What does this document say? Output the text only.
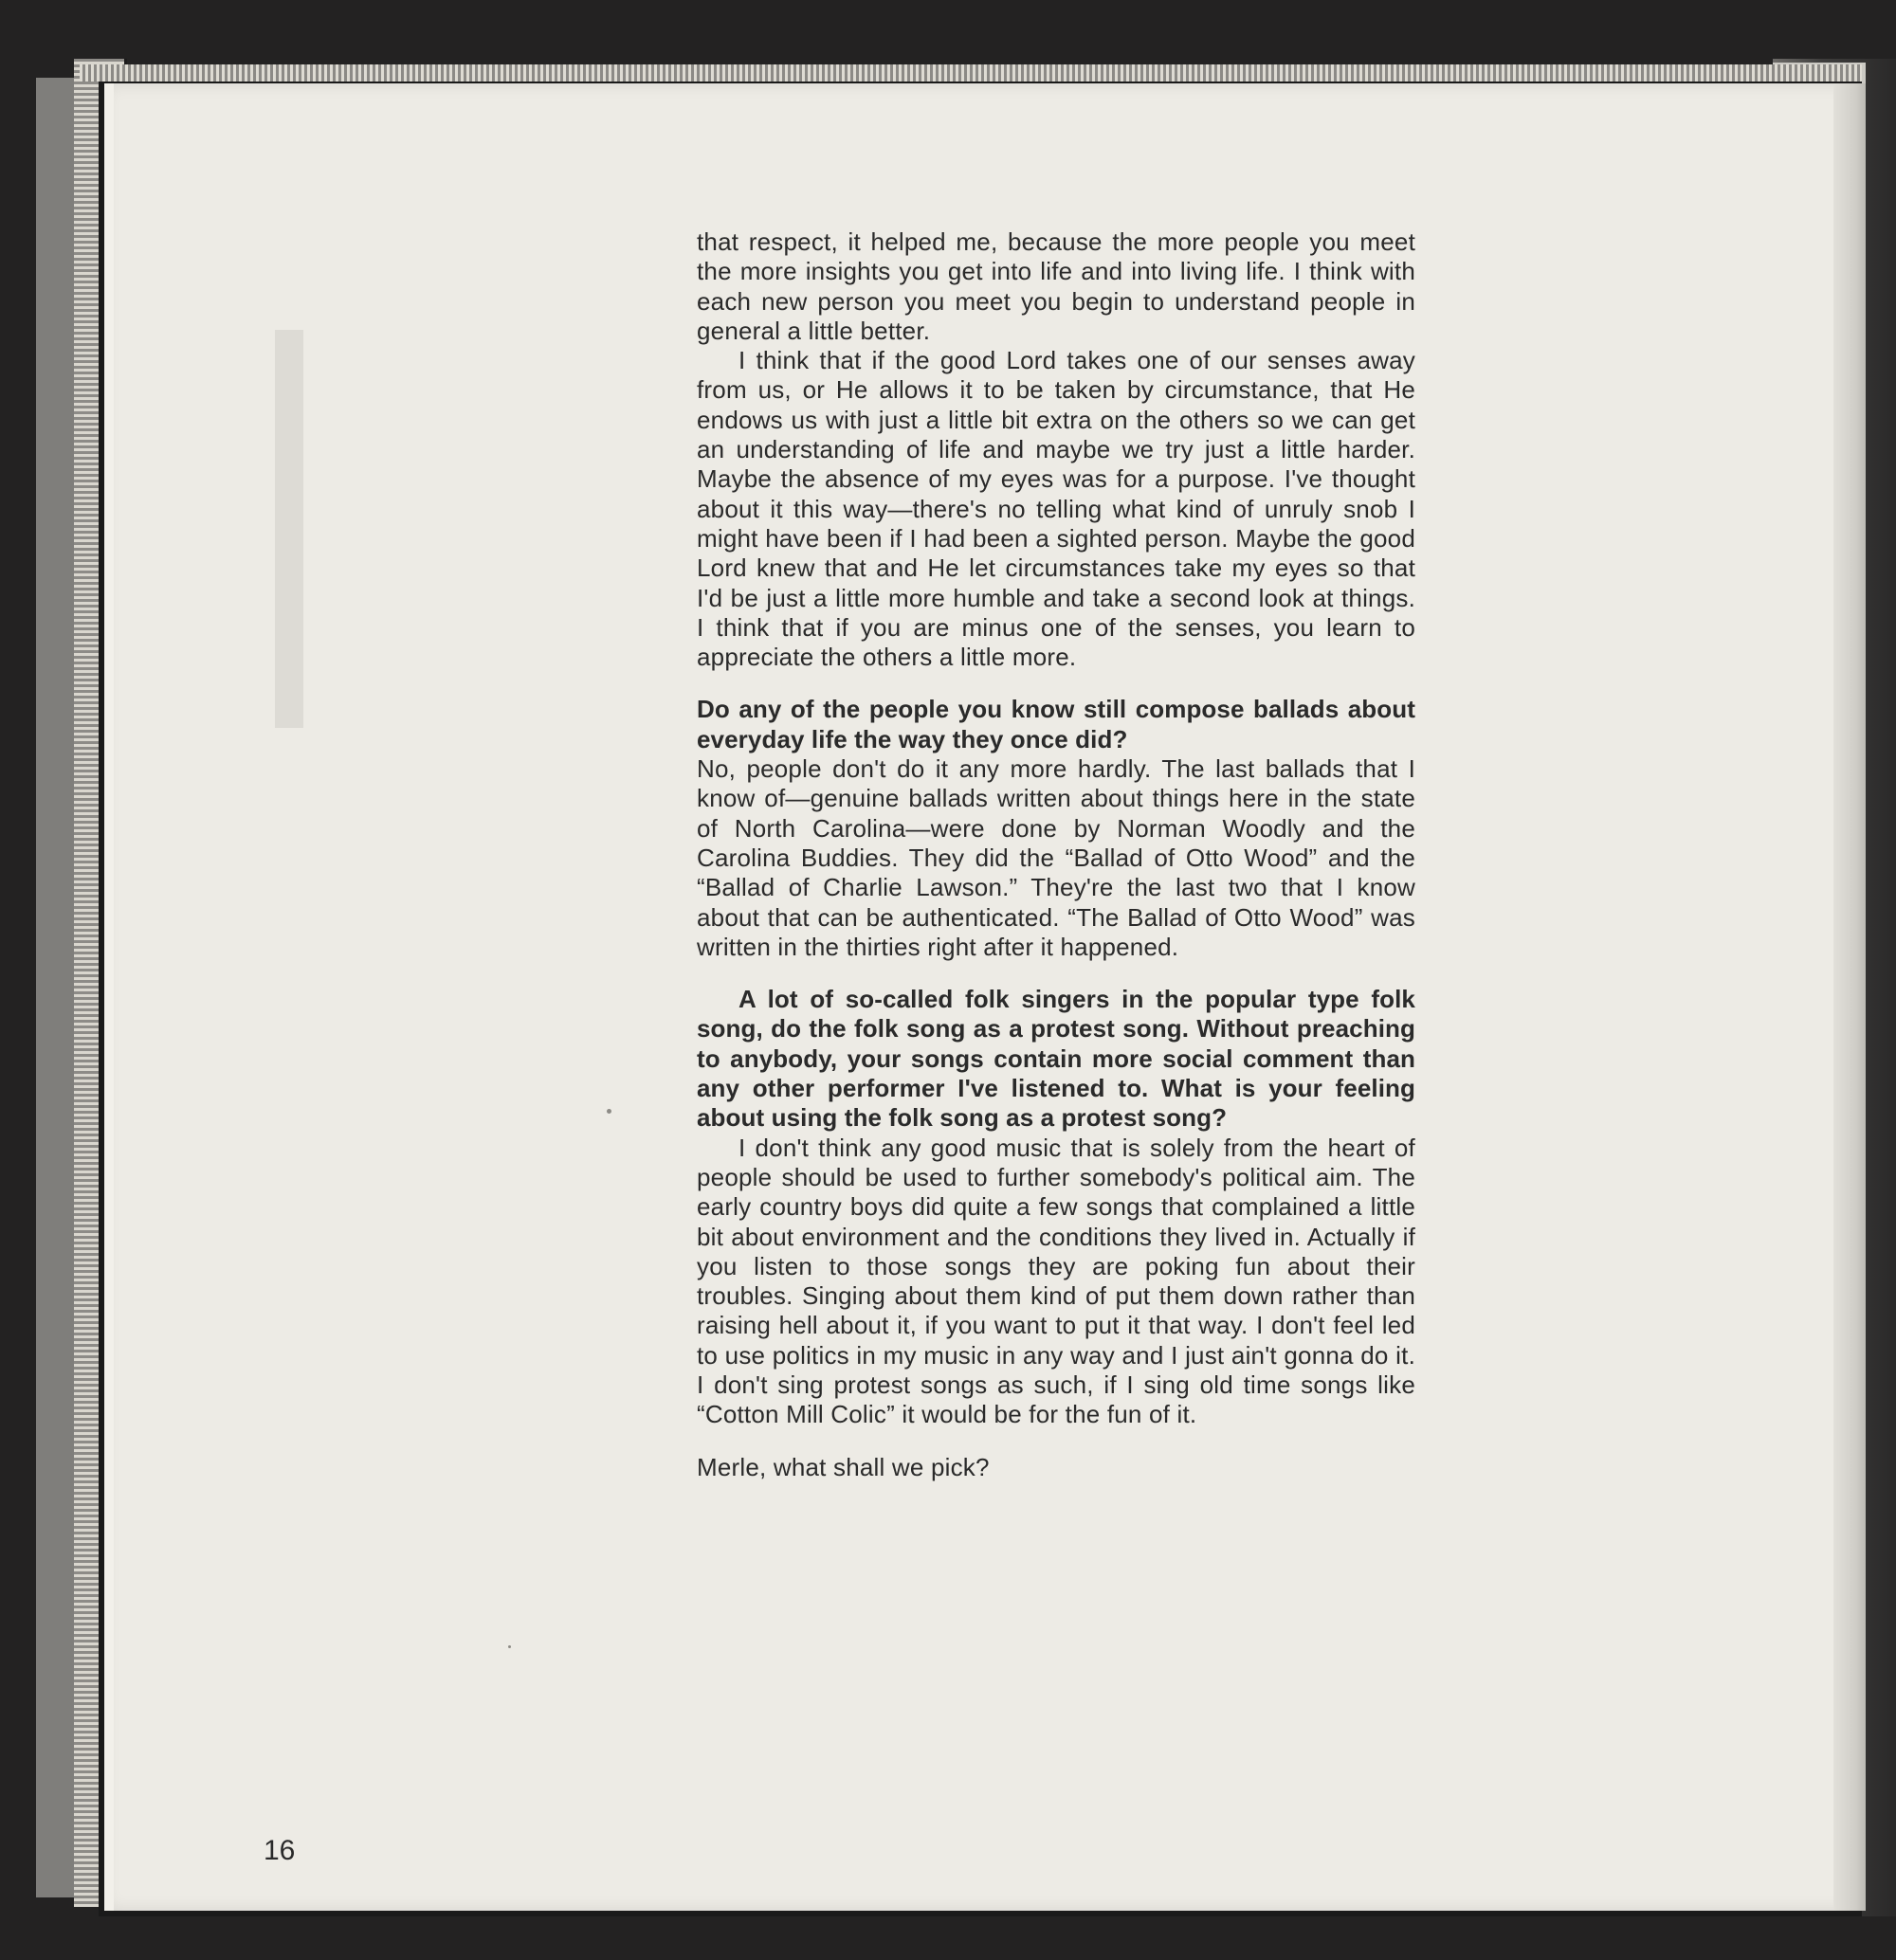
that respect, it helped me, because the more people you meet the more insights you get into life and into living life. I think with each new person you meet you begin to understand people in general a little better.

I think that if the good Lord takes one of our senses away from us, or He allows it to be taken by circumstance, that He endows us with just a little bit extra on the others so we can get an understanding of life and maybe we try just a little harder. Maybe the absence of my eyes was for a purpose. I've thought about it this way—there's no telling what kind of unruly snob I might have been if I had been a sighted person. Maybe the good Lord knew that and He let circumstances take my eyes so that I'd be just a little more humble and take a second look at things. I think that if you are minus one of the senses, you learn to appreciate the others a little more.

Do any of the people you know still compose ballads about everyday life the way they once did?

No, people don't do it any more hardly. The last ballads that I know of—genuine ballads written about things here in the state of North Carolina—were done by Norman Woodly and the Carolina Buddies. They did the “Ballad of Otto Wood” and the “Ballad of Charlie Lawson.” They're the last two that I know about that can be authenticated. “The Ballad of Otto Wood” was written in the thirties right after it happened.

A lot of so-called folk singers in the popular type folk song, do the folk song as a protest song. Without preaching to anybody, your songs contain more social comment than any other performer I've listened to. What is your feeling about using the folk song as a protest song?

I don't think any good music that is solely from the heart of people should be used to further somebody's political aim. The early country boys did quite a few songs that complained a little bit about environment and the conditions they lived in. Actually if you listen to those songs they are poking fun about their troubles. Singing about them kind of put them down rather than raising hell about it, if you want to put it that way. I don't feel led to use politics in my music in any way and I just ain't gonna do it. I don't sing protest songs as such, if I sing old time songs like “Cotton Mill Colic” it would be for the fun of it.

Merle, what shall we pick?

16
